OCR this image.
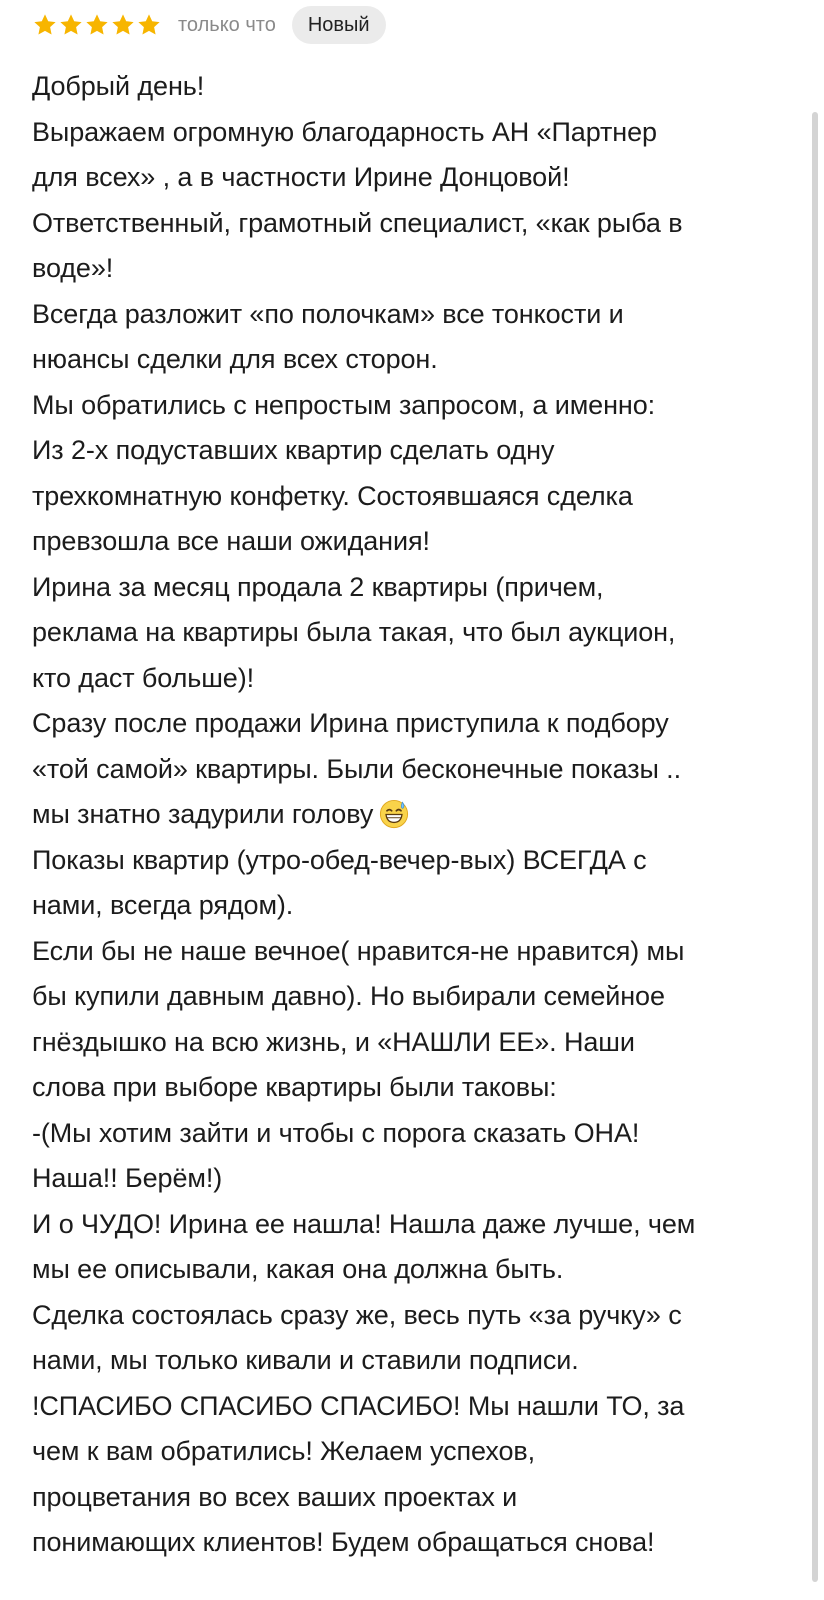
только что	Новый
Добрый день!
Выражаем огромную благодарность АН «Партнер
для всех» , а в частности Ирине Донцовой!
Ответственный, грамотный специалист, «как рыба в
воде»!
Всегда разложит «по полочкам» все тонкости и
нюансы сделки для всех сторон.
Мы обратились с непростым запросом, а именно:
Из 2-х подуставших квартир сделать одну
трехкомнатную конфетку. Состоявшаяся сделка
превзошла все наши ожидания!
Ирина за месяц продала 2 квартиры (причем,
реклама на квартиры была такая, что был аукцион,
кто даст больше)!
Сразу после продажи Ирина приступила к подбору
«той самой» квартиры. Были бесконечные показы ..
мы знатно задурили голову
Показы квартир (утро-обед-вечер-вых) ВСЕГДА с
нами, всегда рядом).
Если бы не наше вечное( нравится-не нравится) мы
бы купили давным давно). Но выбирали семейное
гнёздышко на всю жизнь, и «НАШЛИ ЕЕ». Наши
слова при выборе квартиры были таковы:
-(Мы хотим зайти и чтобы с порога сказать ОНА!
Наша!! Берём!)
И о ЧУДО! Ирина ее нашла! Нашла даже лучше, чем
мы ее описывали, какая она должна быть.
Сделка состоялась сразу же, весь путь «за ручку» с
нами, мы только кивали и ставили подписи.
!СПАСИБО СПАСИБО СПАСИБО! Мы нашли ТО, за
чем к вам обратились! Желаем успехов,
процветания во всех ваших проектах и
понимающих клиентов! Будем обращаться снова!
